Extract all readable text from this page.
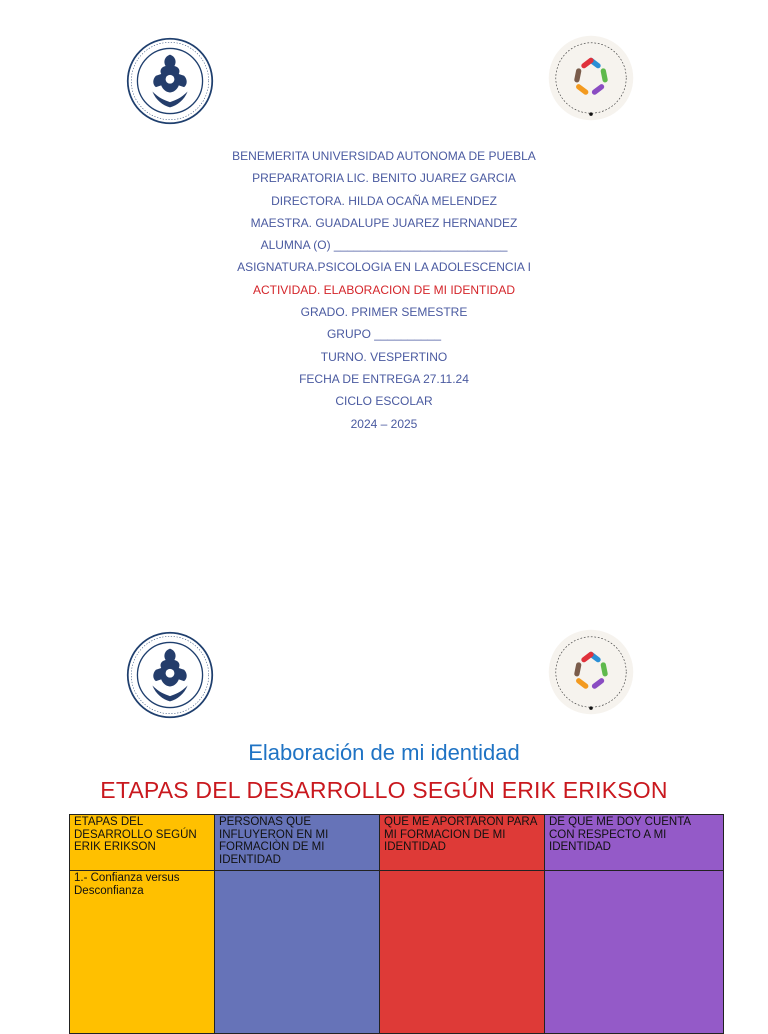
BENEMERITA UNIVERSIDAD AUTONOMA DE PUEBLA
PREPARATORIA LIC. BENITO JUAREZ GARCIA
DIRECTORA. HILDA OCAÑA MELENDEZ
MAESTRA. GUADALUPE JUAREZ HERNANDEZ
ALUMNA (O) __________________________
ASIGNATURA.PSICOLOGIA EN LA ADOLESCENCIA I
ACTIVIDAD. ELABORACION DE MI IDENTIDAD
GRADO. PRIMER SEMESTRE
GRUPO __________
TURNO. VESPERTINO
FECHA DE ENTREGA 27.11.24
CICLO ESCOLAR
2024 – 2025
Elaboración de mi identidad
ETAPAS DEL DESARROLLO SEGÚN ERIK ERIKSON
ETAPAS DEL DESARROLLO SEGÚN ERIK ERIKSON	PERSONAS QUE INFLUYERON EN MI FORMACIÒN DE MI IDENTIDAD	QUE ME APORTARON PARA MI FORMACION DE MI IDENTIDAD	DE QUE ME DOY CUENTA CON RESPECTO A MI IDENTIDAD
1.- Confianza versus Desconfianza			
